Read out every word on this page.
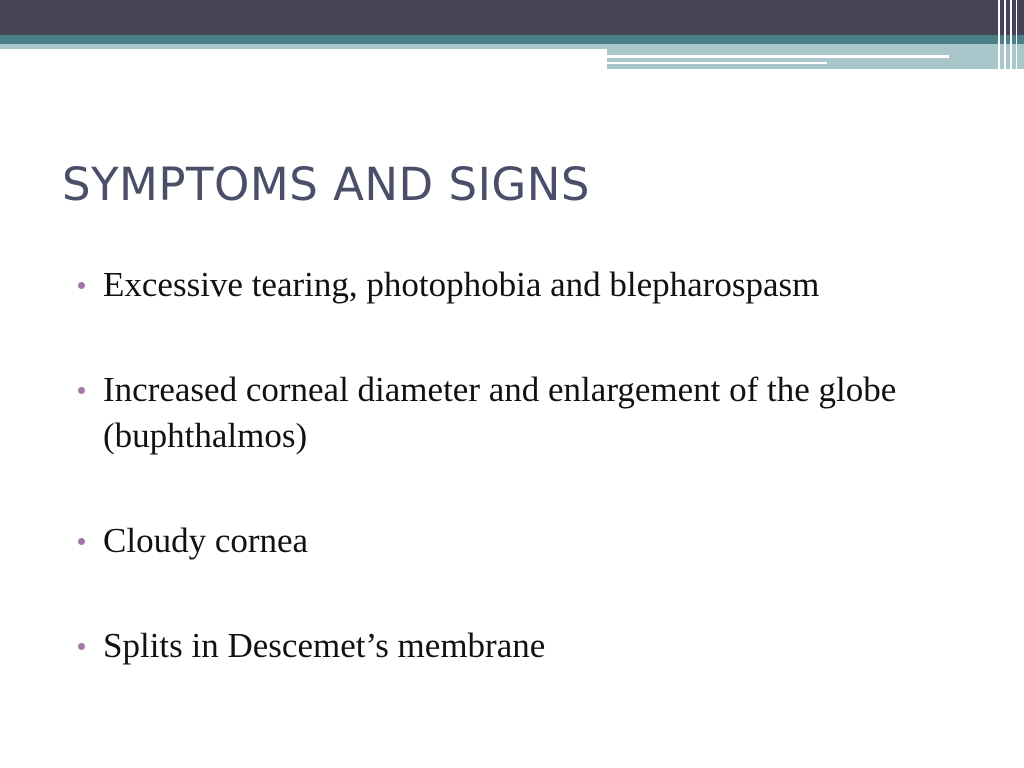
SYMPTOMS AND SIGNS
Excessive tearing, photophobia and blepharospasm
Increased corneal diameter and enlargement of the globe (buphthalmos)
Cloudy cornea
Splits in Descemet’s membrane
